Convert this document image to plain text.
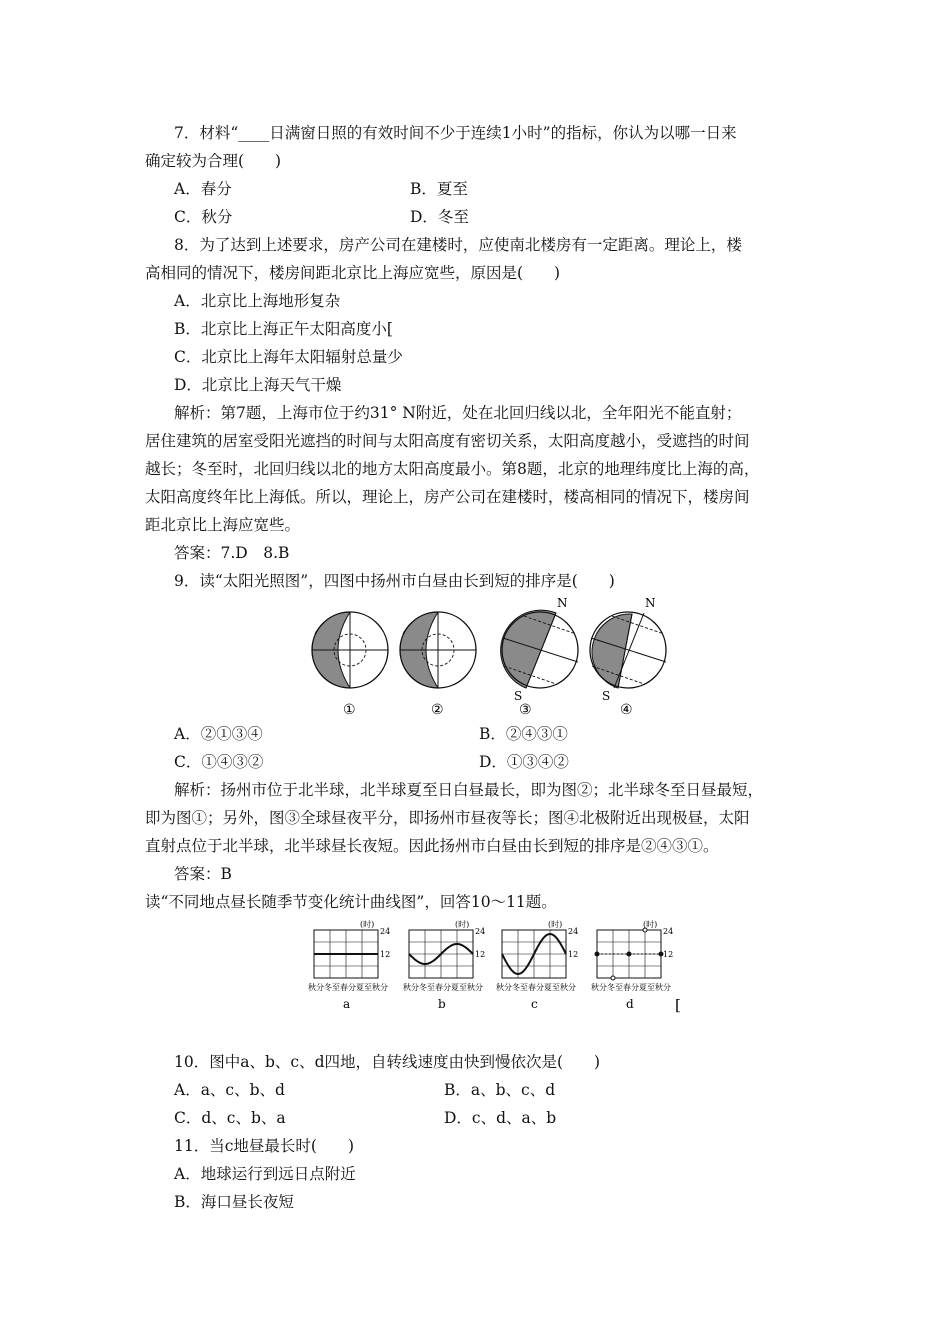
7．材料“____日满窗日照的有效时间不少于连续1小时”的指标，你认为以哪一日来
确定较为合理(　　)
A．春分	B．夏至
C．秋分	D．冬至
8．为了达到上述要求，房产公司在建楼时，应使南北楼房有一定距离。理论上，楼
高相同的情况下，楼房间距北京比上海应宽些，原因是(　　)
A．北京比上海地形复杂
B．北京比上海正午太阳高度小[
C．北京比上海年太阳辐射总量少
D．北京比上海天气干燥
解析：第7题，上海市位于约31° N附近，处在北回归线以北，全年阳光不能直射；
居住建筑的居室受阳光遮挡的时间与太阳高度有密切关系，太阳高度越小，受遮挡的时间
越长；冬至时，北回归线以北的地方太阳高度最小。第8题，北京的地理纬度比上海的高，
太阳高度终年比上海低。所以，理论上，房产公司在建楼时，楼高相同的情况下，楼房间
距北京比上海应宽些。
答案：7.D　8.B
9．读“太阳光照图”，四图中扬州市白昼由长到短的排序是(　　)
N
S
N
S
①	②	③	④
A．②①③④	B．②④③①
C．①④③②	D．①③④②
解析：扬州市位于北半球，北半球夏至日白昼最长，即为图②；北半球冬至日昼最短，
即为图①；另外，图③全球昼夜平分，即扬州市昼夜等长；图④北极附近出现极昼，太阳
直射点位于北半球，北半球昼长夜短。因此扬州市白昼由长到短的排序是②④③①。
答案：B
读“不同地点昼长随季节变化统计曲线图”，回答10～11题。
24
12
(时)
秋分冬至春分夏至秋分
a
24
12
(时)
秋分冬至春分夏至秋分
b
24
12
(时)
秋分冬至春分夏至秋分
c
24
12
(时)
秋分冬至春分夏至秋分
d	[
10．图中a、b、c、d四地，自转线速度由快到慢依次是(　　)
A．a、c、b、d	B．a、b、c、d
C．d、c、b、a	D．c、d、a、b
11．当c地昼最长时(　　)
A．地球运行到远日点附近
B．海口昼长夜短
